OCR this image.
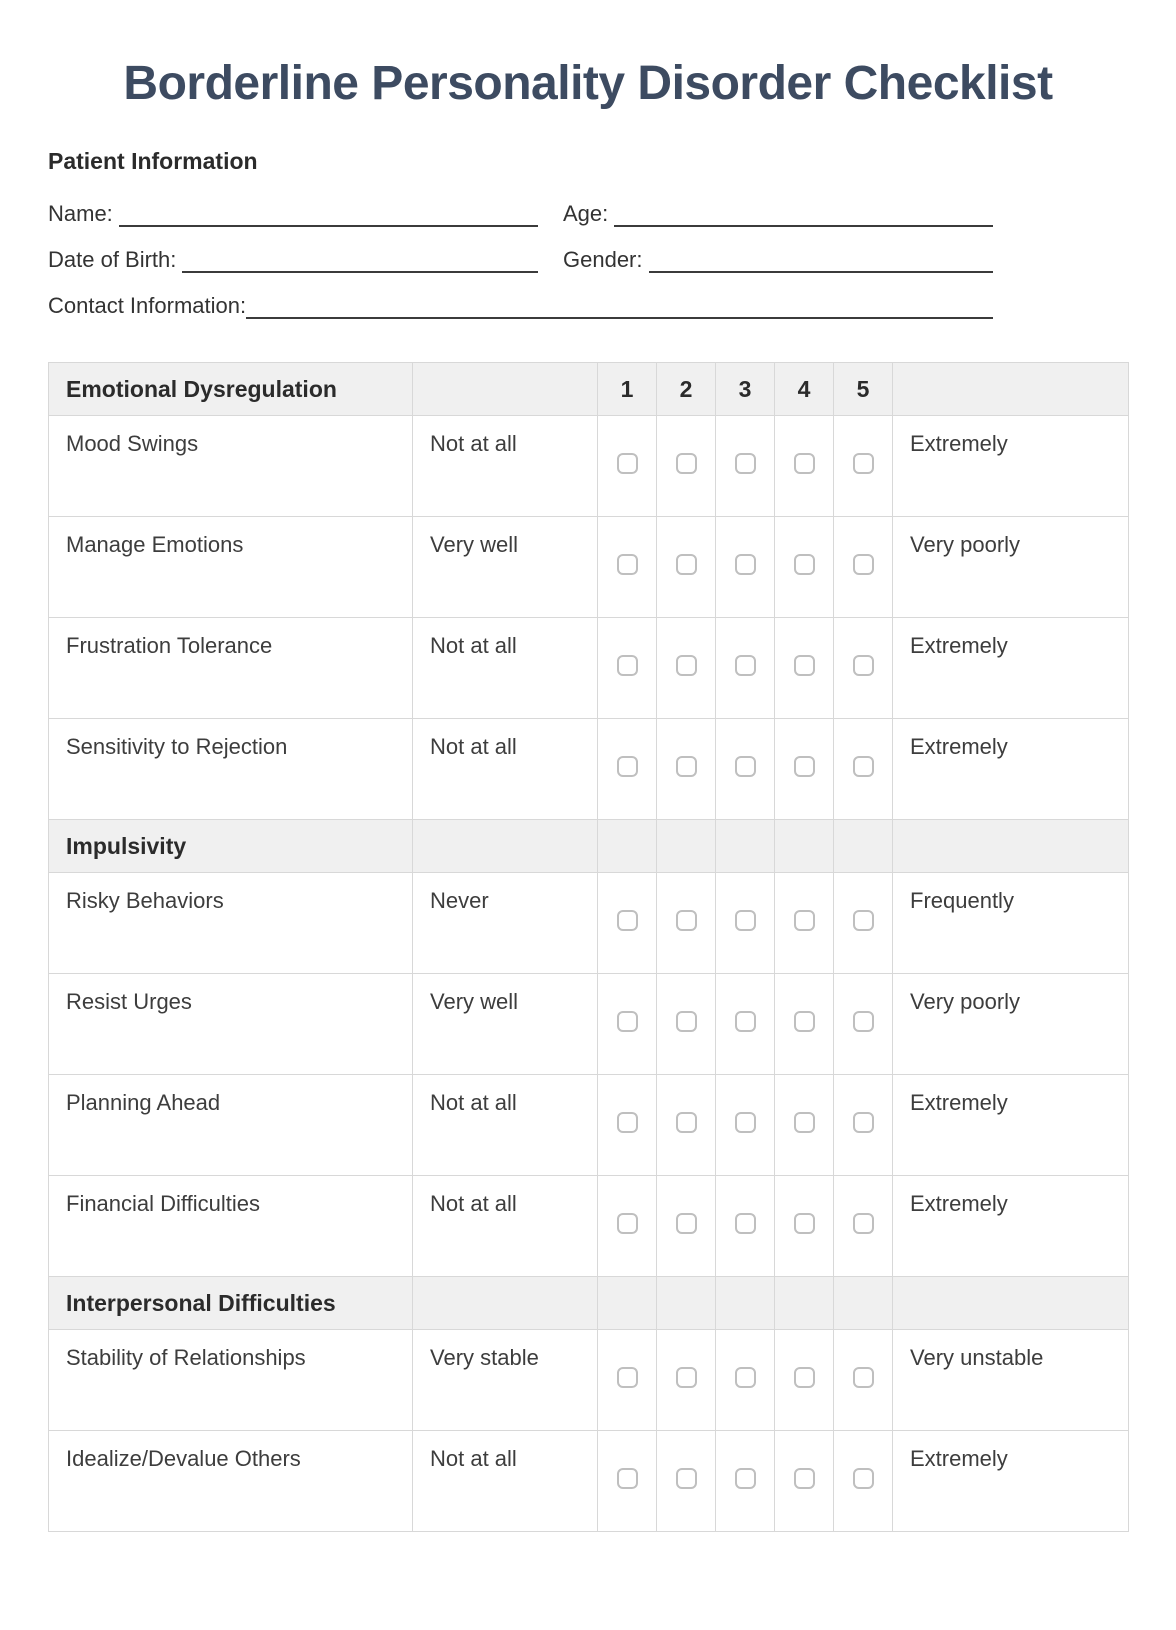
Borderline Personality Disorder Checklist
Patient Information
Name:	Age:
Date of Birth:	Gender:
Contact Information:
Emotional Dysregulation		1	2	3	4	5	
Mood Swings	Not at all						Extremely
Manage Emotions	Very well						Very poorly
Frustration Tolerance	Not at all						Extremely
Sensitivity to Rejection	Not at all						Extremely
Impulsivity							
Risky Behaviors	Never						Frequently
Resist Urges	Very well						Very poorly
Planning Ahead	Not at all						Extremely
Financial Difficulties	Not at all						Extremely
Interpersonal Difficulties							
Stability of Relationships	Very stable						Very unstable
Idealize/Devalue Others	Not at all						Extremely
